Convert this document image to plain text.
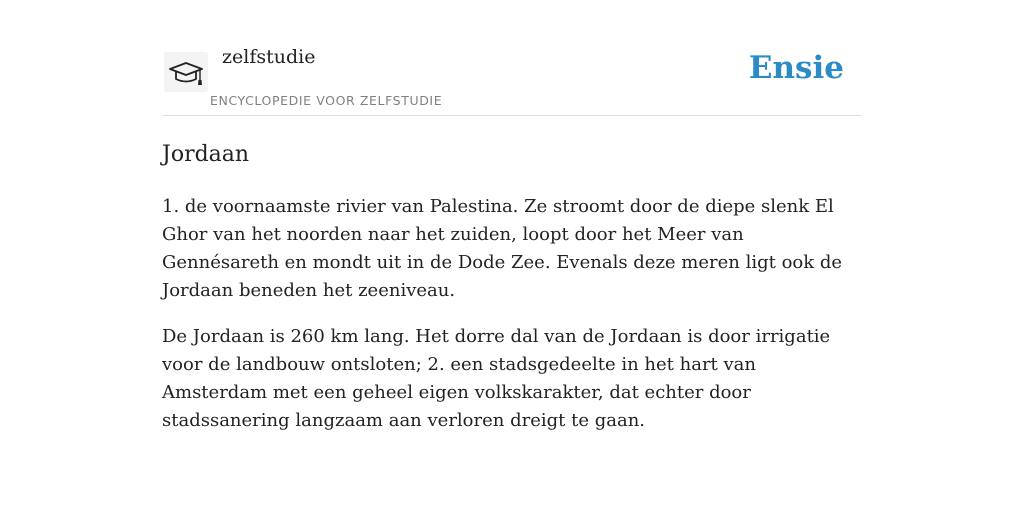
zelfstudie
ENCYCLOPEDIE VOOR ZELFSTUDIE
Ensie
Jordaan

1. de voornaamste rivier van Palestina. Ze stroomt door de diepe slenk El Ghor van het noorden naar het zuiden, loopt door het Meer van Gennésareth en mondt uit in de Dode Zee. Evenals deze meren ligt ook de Jordaan beneden het zeeniveau.

De Jordaan is 260 km lang. Het dorre dal van de Jordaan is door irrigatie voor de landbouw ontsloten; 2. een stadsgedeelte in het hart van Amsterdam met een geheel eigen volkskarakter, dat echter door stadssanering langzaam aan verloren dreigt te gaan.
